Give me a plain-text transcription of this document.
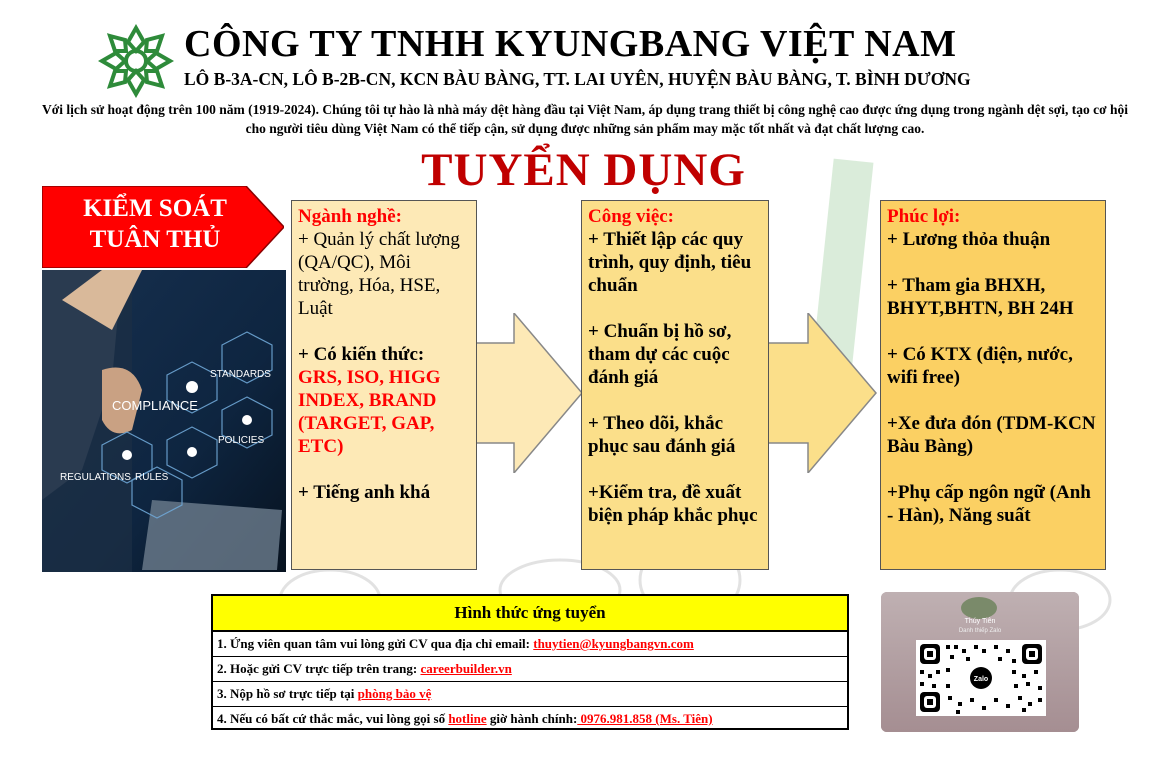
CÔNG TY TNHH KYUNGBANG VIỆT NAM
LÔ B-3A-CN, LÔ B-2B-CN, KCN BÀU BÀNG, TT. LAI UYÊN, HUYỆN BÀU BÀNG, T. BÌNH DƯƠNG
Với lịch sử hoạt động trên 100 năm (1919-2024). Chúng tôi tự hào là nhà máy dệt hàng đầu tại Việt Nam, áp dụng trang thiết bị công nghệ cao được ứng dụng trong ngành dệt sợi, tạo cơ hội cho người tiêu dùng Việt Nam có thể tiếp cận, sử dụng được những sản phẩm may mặc tốt nhất và đạt chất lượng cao.
TUYỂN DỤNG
KIỂM SOÁT
TUÂN THỦ
STANDARDS
COMPLIANCE
POLICIES
REGULATIONS RULES
Ngành nghề:
+ Quản lý chất lượng (QA/QC), Môi trường, Hóa, HSE, Luật
+ Có kiến thức:
GRS, ISO, HIGG INDEX, BRAND (TARGET, GAP, ETC)
+ Tiếng anh khá
Công việc:
+ Thiết lập các quy trình, quy định, tiêu chuẩn
+ Chuẩn bị hồ sơ, tham dự các cuộc đánh giá
+ Theo dõi, khắc phục sau đánh giá
+Kiểm tra, đề xuất biện pháp khắc phục
Phúc lợi:
+ Lương thỏa thuận
+ Tham gia BHXH, BHYT,BHTN, BH 24H
+ Có KTX (điện, nước, wifi free)
+Xe đưa đón (TDM-KCN Bàu Bàng)
+Phụ cấp ngôn ngữ (Anh - Hàn), Năng suất
Hình thức ứng tuyển
1. Ứng viên quan tâm vui lòng gửi CV qua địa chỉ email: thuytien@kyungbangvn.com
2. Hoặc gửi CV trực tiếp trên trang: careerbuilder.vn
3. Nộp hồ sơ trực tiếp tại phòng bảo vệ
4. Nếu có bất cứ thắc mắc, vui lòng gọi số hotline giờ hành chính: 0976.981.858 (Ms. Tiên)
Thúy Tiên
Danh thiếp Zalo
Zalo
